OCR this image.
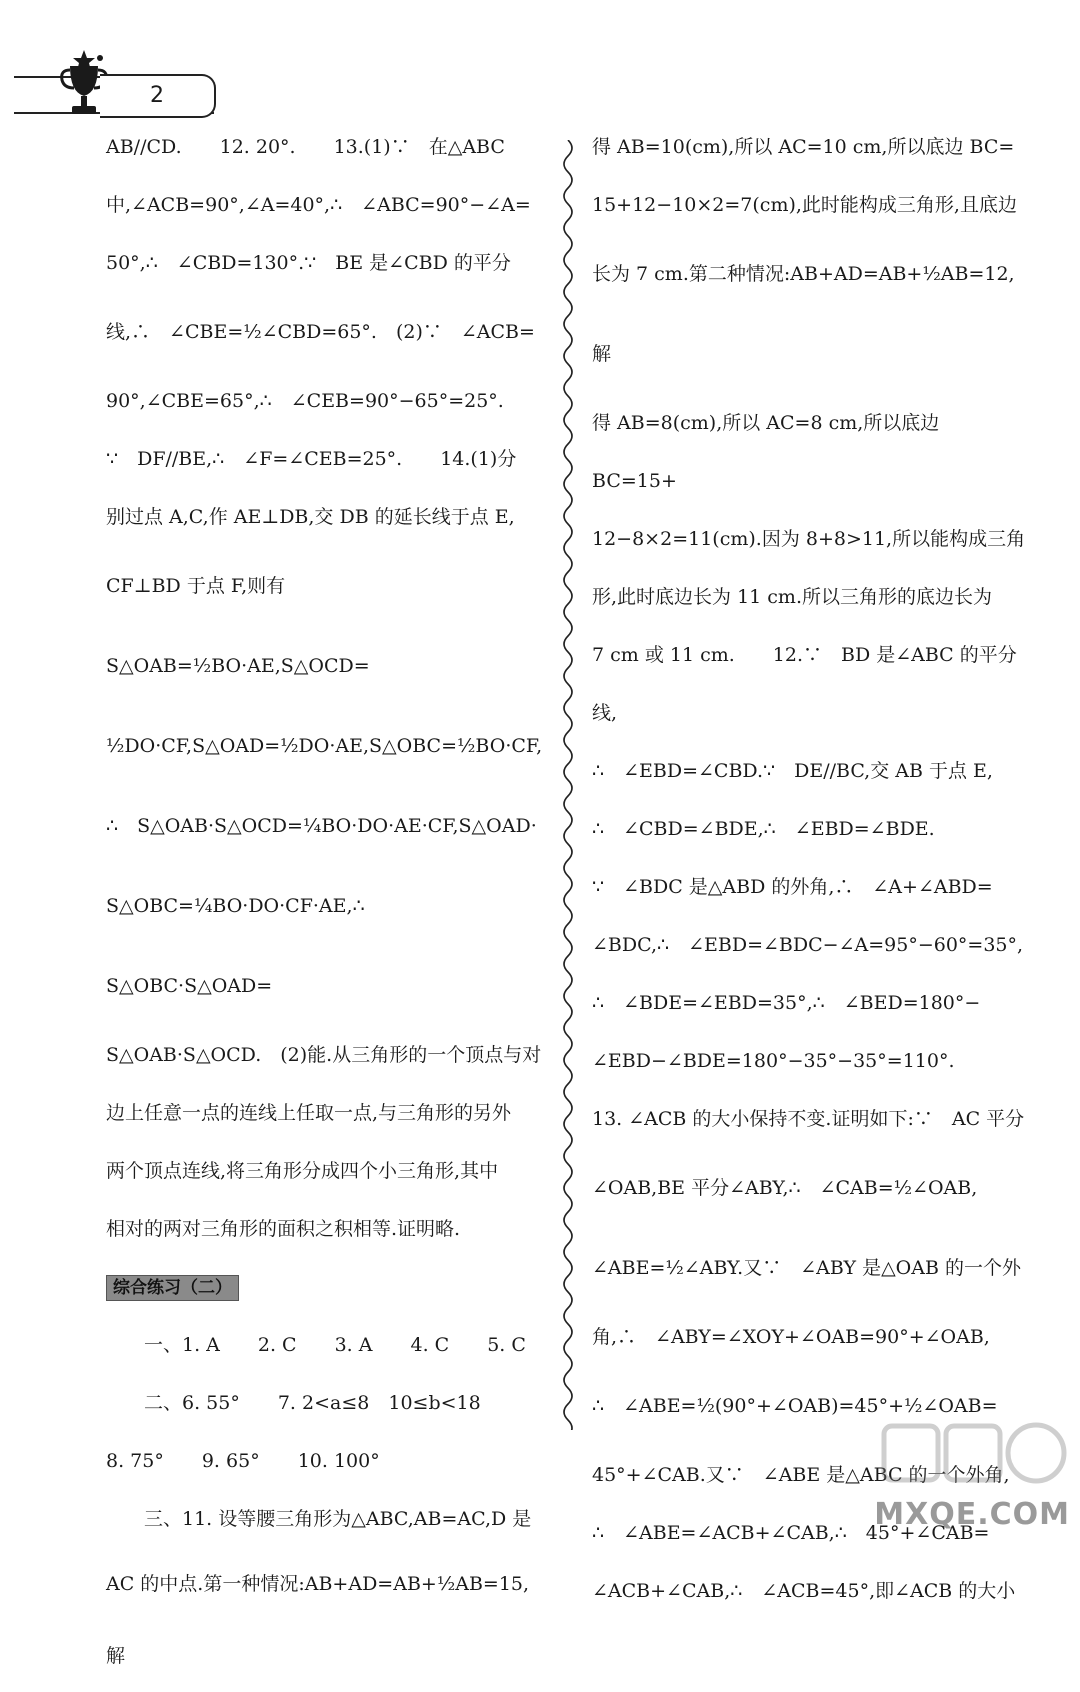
2

AB//CD.　　12. 20°.　　13.(1)∵　在△ABC

中,∠ACB=90°,∠A=40°,∴　∠ABC=90°−∠A=

50°,∴　∠CBD=130°.∵　BE 是∠CBD 的平分

线,∴　∠CBE=½∠CBD=65°.　(2)∵　∠ACB=

90°,∠CBE=65°,∴　∠CEB=90°−65°=25°.

∵　DF//BE,∴　∠F=∠CEB=25°.　　14.(1)分

别过点 A,C,作 AE⊥DB,交 DB 的延长线于点 E,

CF⊥BD 于点 F,则有 S△OAB=½BO·AE,S△OCD=

½DO·CF,S△OAD=½DO·AE,S△OBC=½BO·CF,

∴　S△OAB·S△OCD=¼BO·DO·AE·CF,S△OAD·

S△OBC=¼BO·DO·CF·AE,∴　S△OBC·S△OAD=

S△OAB·S△OCD.　(2)能.从三角形的一个顶点与对

边上任意一点的连线上任取一点,与三角形的另外

两个顶点连线,将三角形分成四个小三角形,其中

相对的两对三角形的面积之积相等.证明略.

综合练习（二）

　　一、1. A　　2. C　　3. A　　4. C　　5. C

　　二、6. 55°　　7. 2<a≤8　10≤b<18

8. 75°　　9. 65°　　10. 100°

　　三、11. 设等腰三角形为△ABC,AB=AC,D 是

AC 的中点.第一种情况:AB+AD=AB+½AB=15,解

得 AB=10(cm),所以 AC=10 cm,所以底边 BC=

15+12−10×2=7(cm),此时能构成三角形,且底边

长为 7 cm.第二种情况:AB+AD=AB+½AB=12,解

得 AB=8(cm),所以 AC=8 cm,所以底边 BC=15+

12−8×2=11(cm).因为 8+8>11,所以能构成三角

形,此时底边长为 11 cm.所以三角形的底边长为

7 cm 或 11 cm.　　12.∵　BD 是∠ABC 的平分线,

∴　∠EBD=∠CBD.∵　DE//BC,交 AB 于点 E,

∴　∠CBD=∠BDE,∴　∠EBD=∠BDE.

∵　∠BDC 是△ABD 的外角,∴　∠A+∠ABD=

∠BDC,∴　∠EBD=∠BDC−∠A=95°−60°=35°,

∴　∠BDE=∠EBD=35°,∴　∠BED=180°−

∠EBD−∠BDE=180°−35°−35°=110°.

13. ∠ACB 的大小保持不变.证明如下:∵　AC 平分

∠OAB,BE 平分∠ABY,∴　∠CAB=½∠OAB,

∠ABE=½∠ABY.又∵　∠ABY 是△OAB 的一个外

角,∴　∠ABY=∠XOY+∠OAB=90°+∠OAB,

∴　∠ABE=½(90°+∠OAB)=45°+½∠OAB=

45°+∠CAB.又∵　∠ABE 是△ABC 的一个外角,

∴　∠ABE=∠ACB+∠CAB,∴　45°+∠CAB=

∠ACB+∠CAB,∴　∠ACB=45°,即∠ACB 的大小

MXQE.COM
